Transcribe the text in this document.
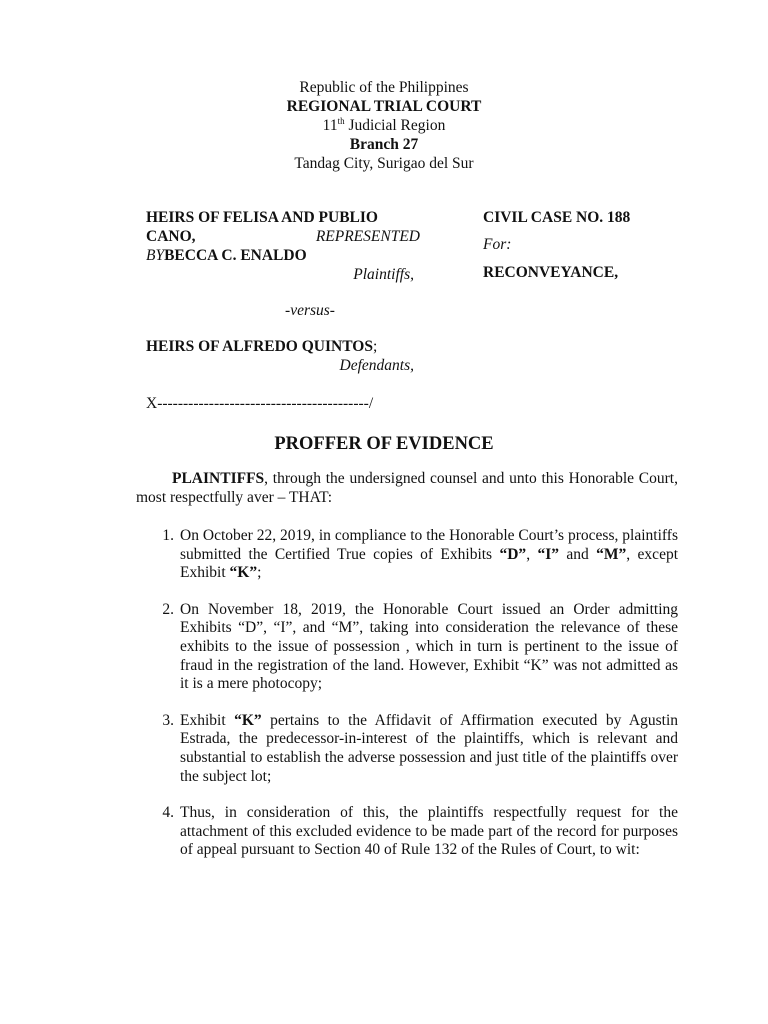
Republic of the Philippines
REGIONAL TRIAL COURT
11th Judicial Region
Branch 27
Tandag City, Surigao del Sur
HEIRS OF FELISA AND PUBLIO
CANO,	REPRESENTED
BYBECCA C. ENALDO
Plaintiffs,
CIVIL CASE NO. 188
For:
RECONVEYANCE,
-versus-
HEIRS OF ALFREDO QUINTOS;
Defendants,
X-----------------------------------------/
PROFFER OF EVIDENCE
PLAINTIFFS, through the undersigned counsel and unto this Honorable Court, most respectfully aver – THAT:
1. On October 22, 2019, in compliance to the Honorable Court’s process, plaintiffs submitted the Certified True copies of Exhibits “D”, “I” and “M”, except Exhibit “K”;
2. On November 18, 2019, the Honorable Court issued an Order admitting Exhibits “D”, “I”, and “M”, taking into consideration the relevance of these exhibits to the issue of possession , which in turn is pertinent to the issue of fraud in the registration of the land. However, Exhibit “K” was not admitted as it is a mere photocopy;
3. Exhibit “K” pertains to the Affidavit of Affirmation executed by Agustin Estrada, the predecessor-in-interest of the plaintiffs, which is relevant and substantial to establish the adverse possession and just title of the plaintiffs over the subject lot;
4. Thus, in consideration of this, the plaintiffs respectfully request for the attachment of this excluded evidence to be made part of the record for purposes of appeal pursuant to Section 40 of Rule 132 of the Rules of Court, to wit:
